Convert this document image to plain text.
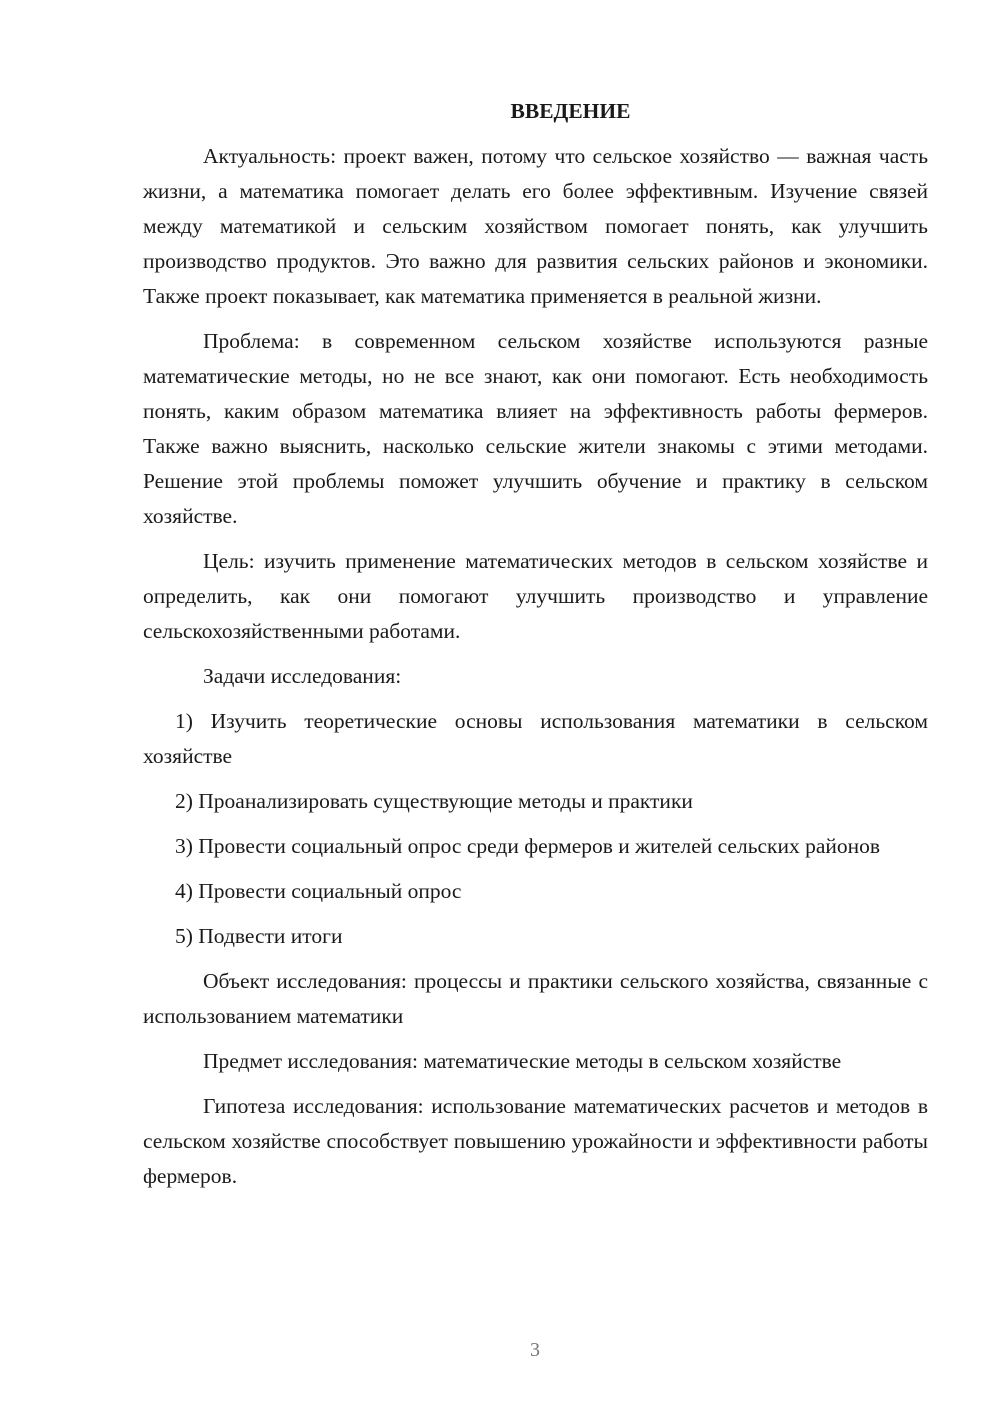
ВВЕДЕНИЕ

Актуальность: проект важен, потому что сельское хозяйство — важная часть жизни, а математика помогает делать его более эффективным. Изучение связей между математикой и сельским хозяйством помогает понять, как улучшить производство продуктов. Это важно для развития сельских районов и экономики. Также проект показывает, как математика применяется в реальной жизни.

Проблема: в современном сельском хозяйстве используются разные математические методы, но не все знают, как они помогают. Есть необходимость понять, каким образом математика влияет на эффективность работы фермеров. Также важно выяснить, насколько сельские жители знакомы с этими методами. Решение этой проблемы поможет улучшить обучение и практику в сельском хозяйстве.

Цель: изучить применение математических методов в сельском хозяйстве и определить, как они помогают улучшить производство и управление сельскохозяйственными работами.

Задачи исследования:

1) Изучить теоретические основы использования математики в сельском хозяйстве

2) Проанализировать существующие методы и практики

3) Провести социальный опрос среди фермеров и жителей сельских районов

4) Провести социальный опрос

5) Подвести итоги

Объект исследования: процессы и практики сельского хозяйства, связанные с использованием математики

Предмет исследования: математические методы в сельском хозяйстве

Гипотеза исследования: использование математических расчетов и методов в сельском хозяйстве способствует повышению урожайности и эффективности работы фермеров.

3
